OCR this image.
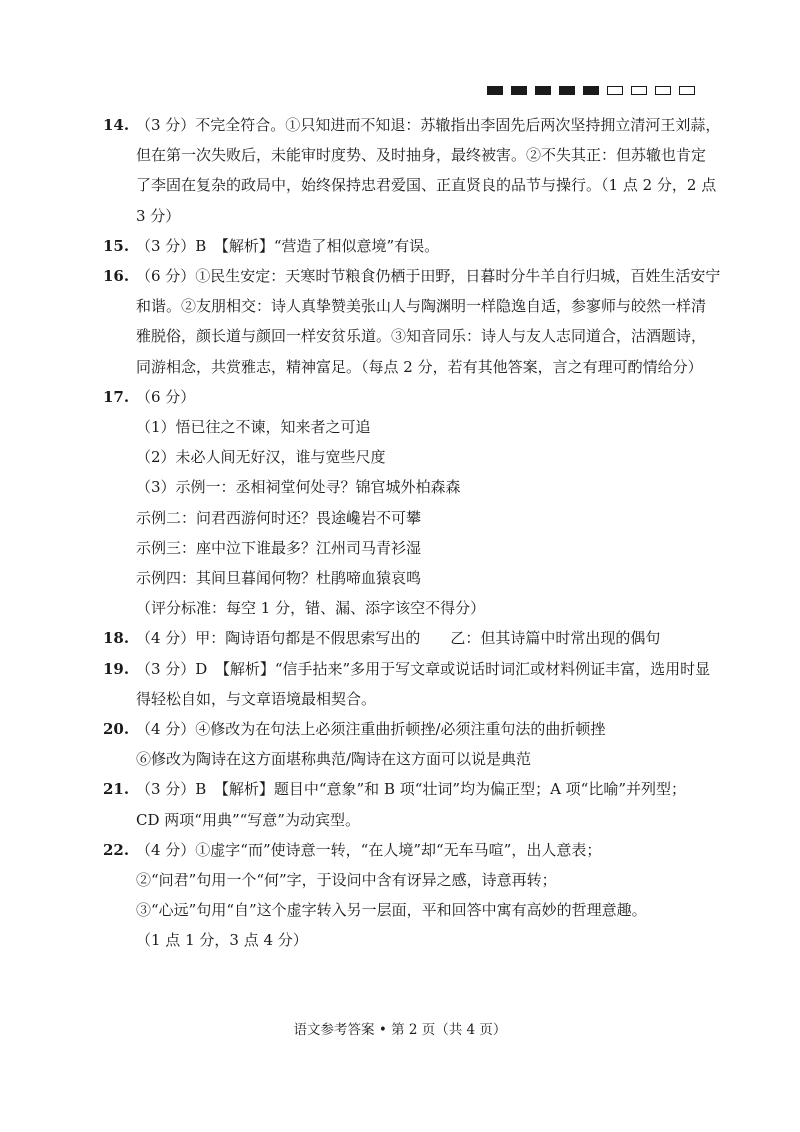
14. （3 分）不完全符合。①只知进而不知退：苏辙指出李固先后两次坚持拥立清河王刘蒜，
但在第一次失败后，未能审时度势、及时抽身，最终被害。②不失其正：但苏辙也肯定
了李固在复杂的政局中，始终保持忠君爱国、正直贤良的品节与操行。（1 点 2 分，2 点
3 分）
15. （3 分）B　【解析】“营造了相似意境”有误。
16. （6 分）①民生安定：天寒时节粮食仍栖于田野，日暮时分牛羊自行归城，百姓生活安宁
和谐。②友朋相交：诗人真挚赞美张山人与陶渊明一样隐逸自适，参寥师与皎然一样清
雅脱俗，颜长道与颜回一样安贫乐道。③知音同乐：诗人与友人志同道合，沽酒题诗，
同游相念，共赏雅志，精神富足。（每点 2 分，若有其他答案，言之有理可酌情给分）
17. （6 分）
（1）悟已往之不谏，知来者之可追
（2）未必人间无好汉，谁与宽些尺度
（3）示例一：丞相祠堂何处寻？锦官城外柏森森
示例二：问君西游何时还？畏途巉岩不可攀
示例三：座中泣下谁最多？江州司马青衫湿
示例四：其间旦暮闻何物？杜鹃啼血猿哀鸣
（评分标准：每空 1 分，错、漏、添字该空不得分）
18. （4 分）甲：陶诗语句都是不假思索写出的　　乙：但其诗篇中时常出现的偶句
19. （3 分）D　【解析】“信手拈来”多用于写文章或说话时词汇或材料例证丰富，选用时显
得轻松自如，与文章语境最相契合。
20. （4 分）④修改为在句法上必须注重曲折顿挫/必须注重句法的曲折顿挫
⑥修改为陶诗在这方面堪称典范/陶诗在这方面可以说是典范
21. （3 分）B　【解析】题目中“意象”和 B 项“壮词”均为偏正型；A 项“比喻”并列型；
CD 两项“用典”“写意”为动宾型。
22. （4 分）①虚字“而”使诗意一转，“在人境”却“无车马喧”，出人意表；
②“问君”句用一个“何”字，于设问中含有讶异之感，诗意再转；
③“心远”句用“自”这个虚字转入另一层面，平和回答中寓有高妙的哲理意趣。
（1 点 1 分，3 点 4 分）
语文参考答案 • 第 2 页（共 4 页）
